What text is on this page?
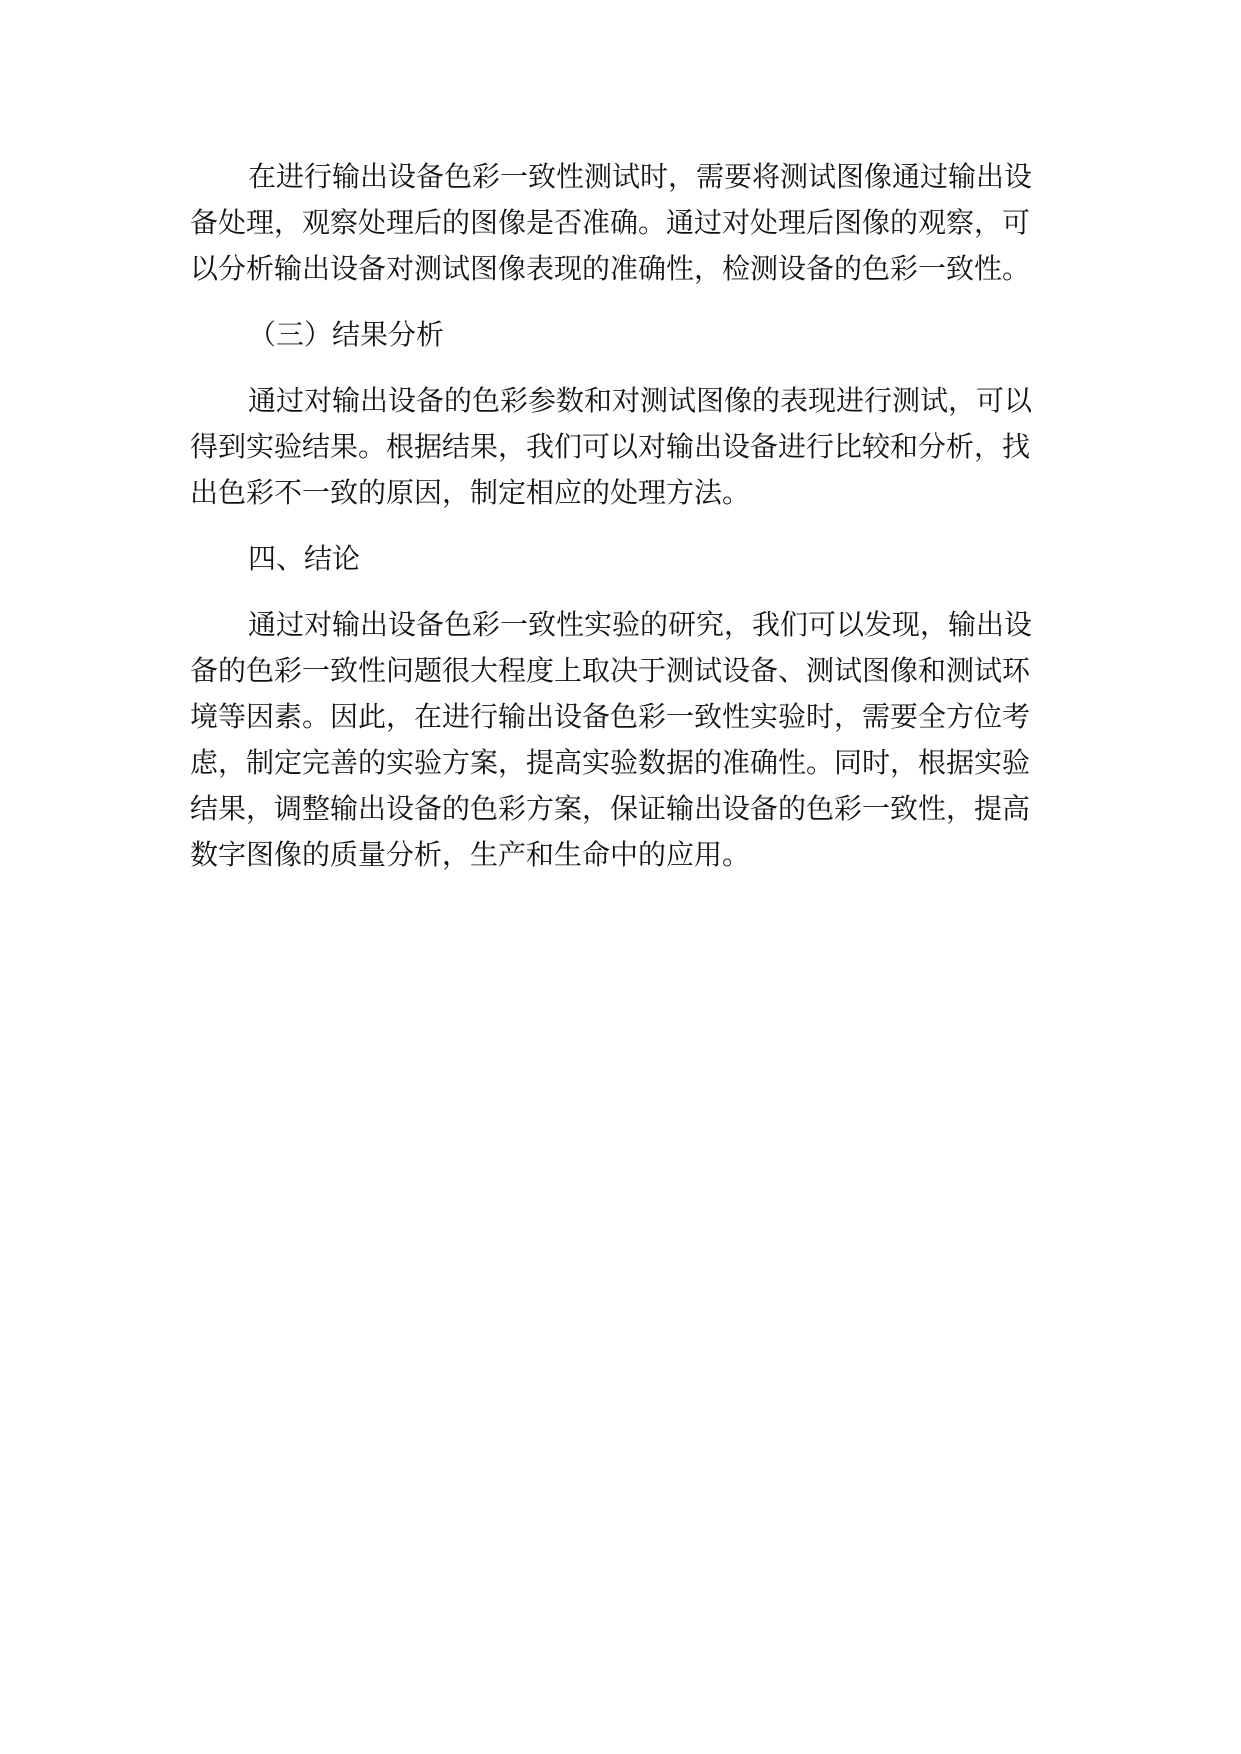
在进行输出设备色彩一致性测试时，需要将测试图像通过输出设备处理，观察处理后的图像是否准确。通过对处理后图像的观察，可以分析输出设备对测试图像表现的准确性，检测设备的色彩一致性。

（三）结果分析

通过对输出设备的色彩参数和对测试图像的表现进行测试，可以得到实验结果。根据结果，我们可以对输出设备进行比较和分析，找出色彩不一致的原因，制定相应的处理方法。

四、结论

通过对输出设备色彩一致性实验的研究，我们可以发现，输出设备的色彩一致性问题很大程度上取决于测试设备、测试图像和测试环境等因素。因此，在进行输出设备色彩一致性实验时，需要全方位考虑，制定完善的实验方案，提高实验数据的准确性。同时，根据实验结果，调整输出设备的色彩方案，保证输出设备的色彩一致性，提高数字图像的质量分析，生产和生命中的应用。
